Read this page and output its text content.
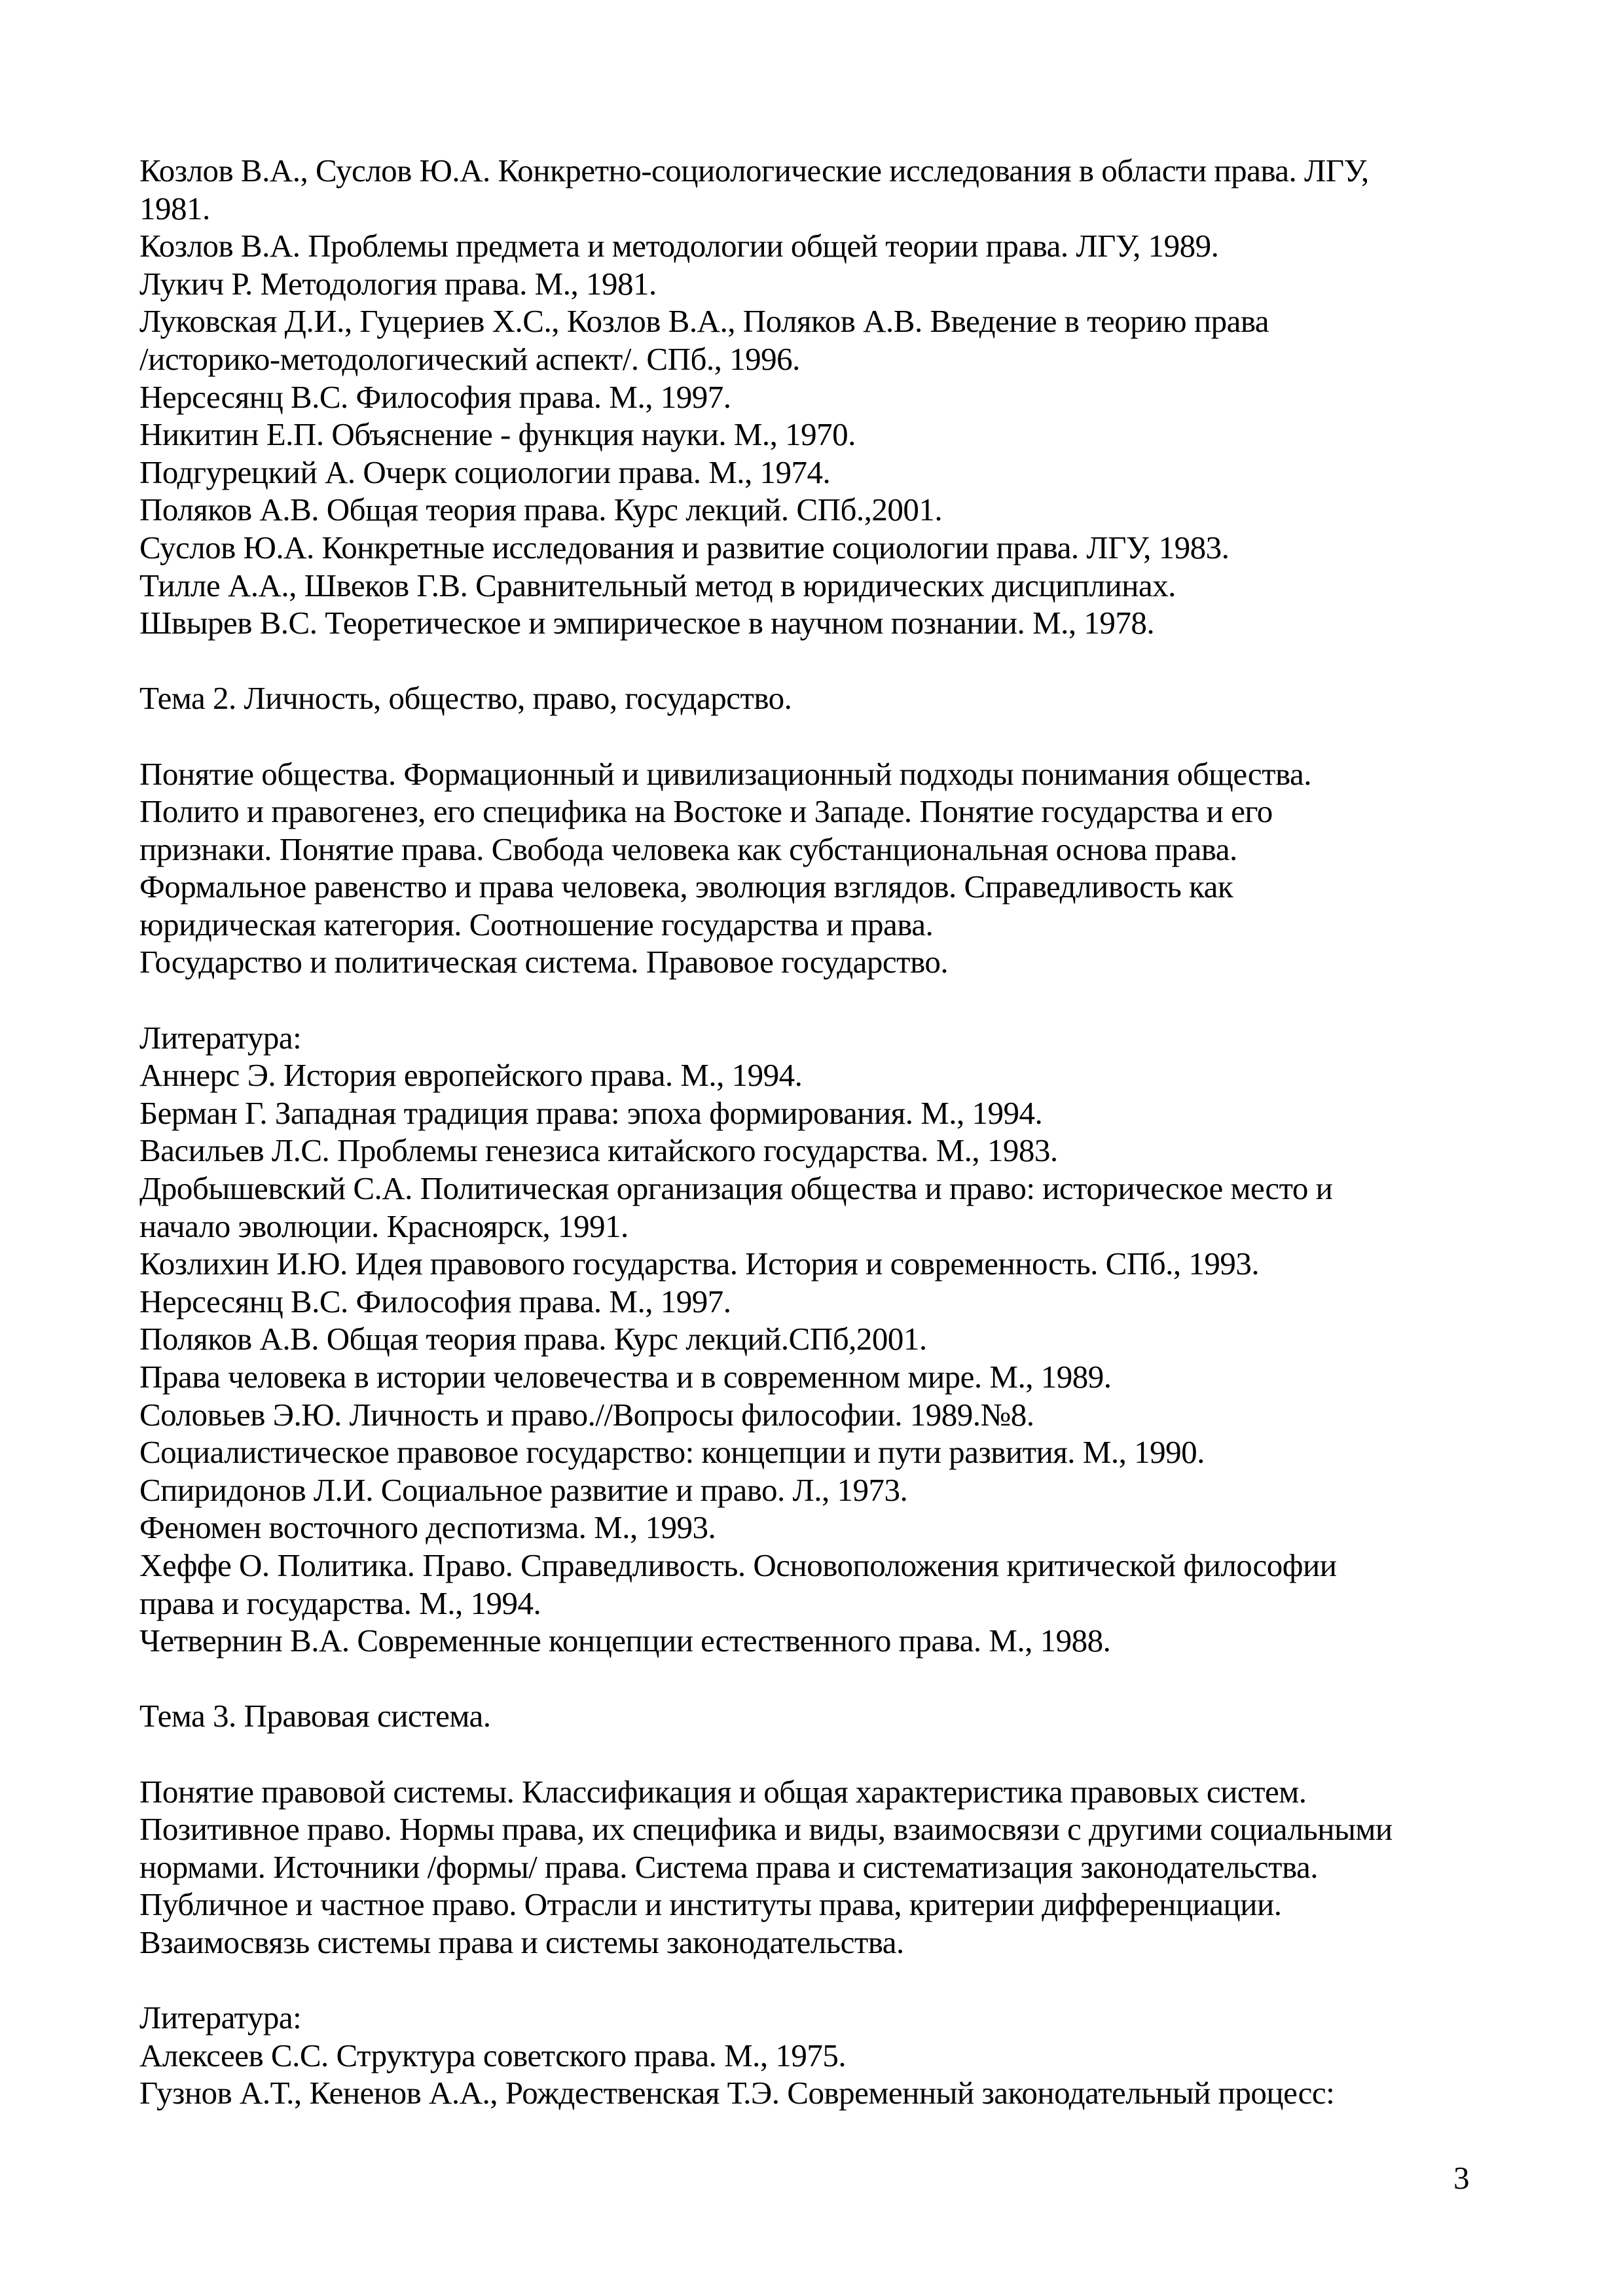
Козлов В.А., Суслов Ю.А. Конкретно-социологические исследования в области права. ЛГУ,
1981.
Козлов В.А. Проблемы предмета и методологии общей теории права. ЛГУ, 1989.
Лукич Р. Методология права. М., 1981.
Луковская Д.И., Гуцериев Х.С., Козлов В.А., Поляков А.В. Введение в теорию права
/историко-методологический аспект/. СПб., 1996.
Нерсесянц В.С. Философия права. М., 1997.
Никитин Е.П. Объяснение - функция науки. М., 1970.
Подгурецкий А. Очерк социологии права. М., 1974.
Поляков А.В. Общая теория права. Курс лекций. СПб.,2001.
Суслов Ю.А. Конкретные исследования и развитие социологии права. ЛГУ, 1983.
Тилле А.А., Швеков Г.В. Сравнительный метод в юридических дисциплинах.
Швырев В.С. Теоретическое и эмпирическое в научном познании. М., 1978.
Тема 2. Личность, общество, право, государство.
Понятие общества. Формационный и цивилизационный подходы понимания общества.
Полито и правогенез, его специфика на Востоке и Западе. Понятие государства и его
признаки. Понятие права. Свобода человека как субстанциональная основа права.
Формальное равенство и права человека, эволюция взглядов. Справедливость как
юридическая категория. Соотношение государства и права.
Государство и политическая система. Правовое государство.
Литература:
Аннерс Э. История европейского права. М., 1994.
Берман Г. Западная традиция права: эпоха формирования. М., 1994.
Васильев Л.С. Проблемы генезиса китайского государства. М., 1983.
Дробышевский С.А. Политическая организация общества и право: историческое место и
начало эволюции. Красноярск, 1991.
Козлихин И.Ю. Идея правового государства. История и современность. СПб., 1993.
Нерсесянц В.С. Философия права. М., 1997.
Поляков А.В. Общая теория права. Курс лекций.СПб,2001.
Права человека в истории человечества и в современном мире. М., 1989.
Соловьев Э.Ю. Личность и право.//Вопросы философии. 1989.№8.
Социалистическое правовое государство: концепции и пути развития. М., 1990.
Спиридонов Л.И. Социальное развитие и право. Л., 1973.
Феномен восточного деспотизма. М., 1993.
Хеффе О. Политика. Право. Справедливость. Основоположения критической философии
права и государства. М., 1994.
Четвернин В.А. Современные концепции естественного права. М., 1988.
Тема 3. Правовая система.
Понятие правовой системы. Классификация и общая характеристика правовых систем.
Позитивное право. Нормы права, их специфика и виды, взаимосвязи с другими социальными
нормами. Источники /формы/ права. Система права и систематизация законодательства.
Публичное и частное право. Отрасли и институты права, критерии дифференциации.
Взаимосвязь системы права и системы законодательства.
Литература:
Алексеев С.С. Структура советского права. М., 1975.
Гузнов А.Т., Кененов А.А., Рождественская Т.Э. Современный законодательный процесс:
3
